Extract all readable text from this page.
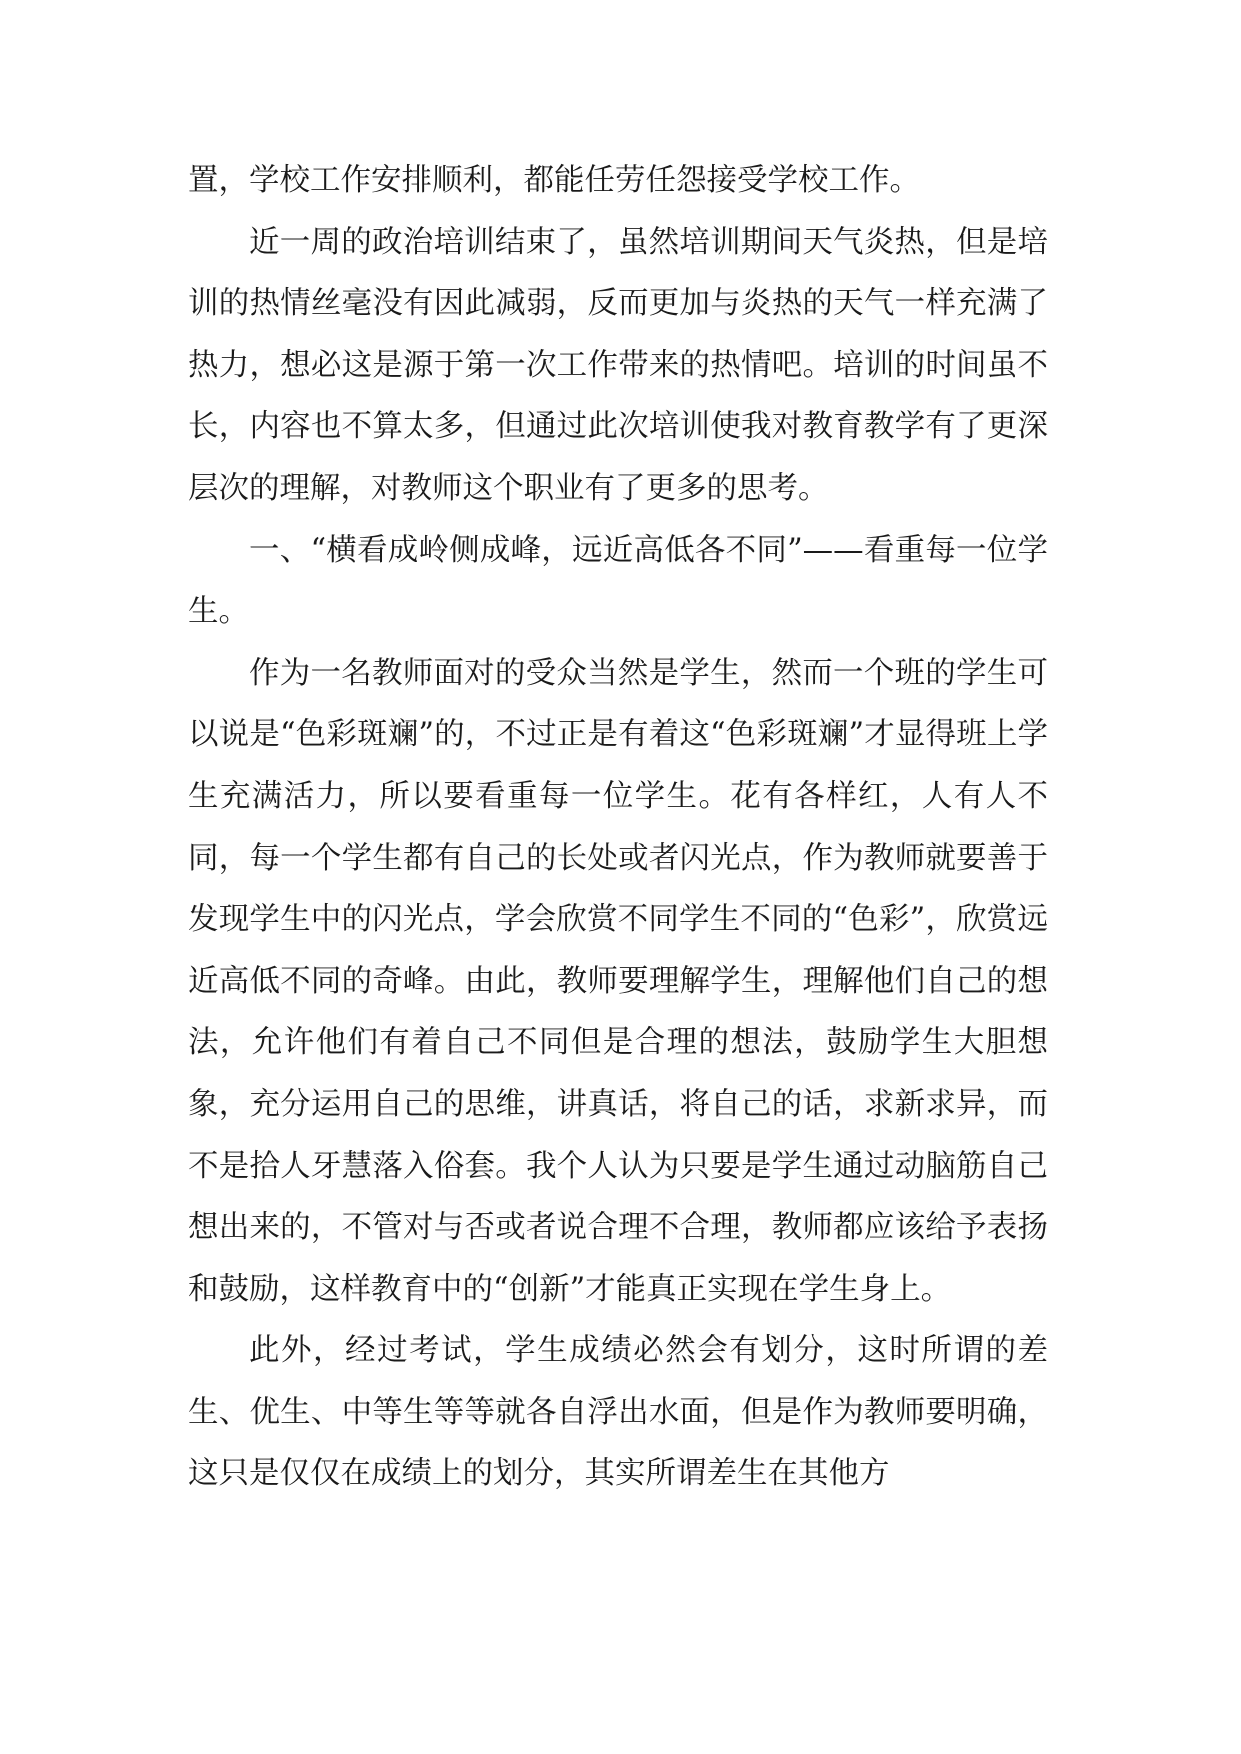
置，学校工作安排顺利，都能任劳任怨接受学校工作。

近一周的政治培训结束了，虽然培训期间天气炎热，但是培训的热情丝毫没有因此减弱，反而更加与炎热的天气一样充满了热力，想必这是源于第一次工作带来的热情吧。培训的时间虽不长，内容也不算太多，但通过此次培训使我对教育教学有了更深层次的理解，对教师这个职业有了更多的思考。

一、“横看成岭侧成峰，远近高低各不同”——看重每一位学生。

作为一名教师面对的受众当然是学生，然而一个班的学生可以说是“色彩斑斓”的，不过正是有着这“色彩斑斓”才显得班上学生充满活力，所以要看重每一位学生。花有各样红，人有人不同，每一个学生都有自己的长处或者闪光点，作为教师就要善于发现学生中的闪光点，学会欣赏不同学生不同的“色彩”，欣赏远近高低不同的奇峰。由此，教师要理解学生，理解他们自己的想法，允许他们有着自己不同但是合理的想法，鼓励学生大胆想象，充分运用自己的思维，讲真话，将自己的话，求新求异，而不是拾人牙慧落入俗套。我个人认为只要是学生通过动脑筋自己想出来的，不管对与否或者说合理不合理，教师都应该给予表扬和鼓励，这样教育中的“创新”才能真正实现在学生身上。

此外，经过考试，学生成绩必然会有划分，这时所谓的差生、优生、中等生等等就各自浮出水面，但是作为教师要明确，这只是仅仅在成绩上的划分，其实所谓差生在其他方
